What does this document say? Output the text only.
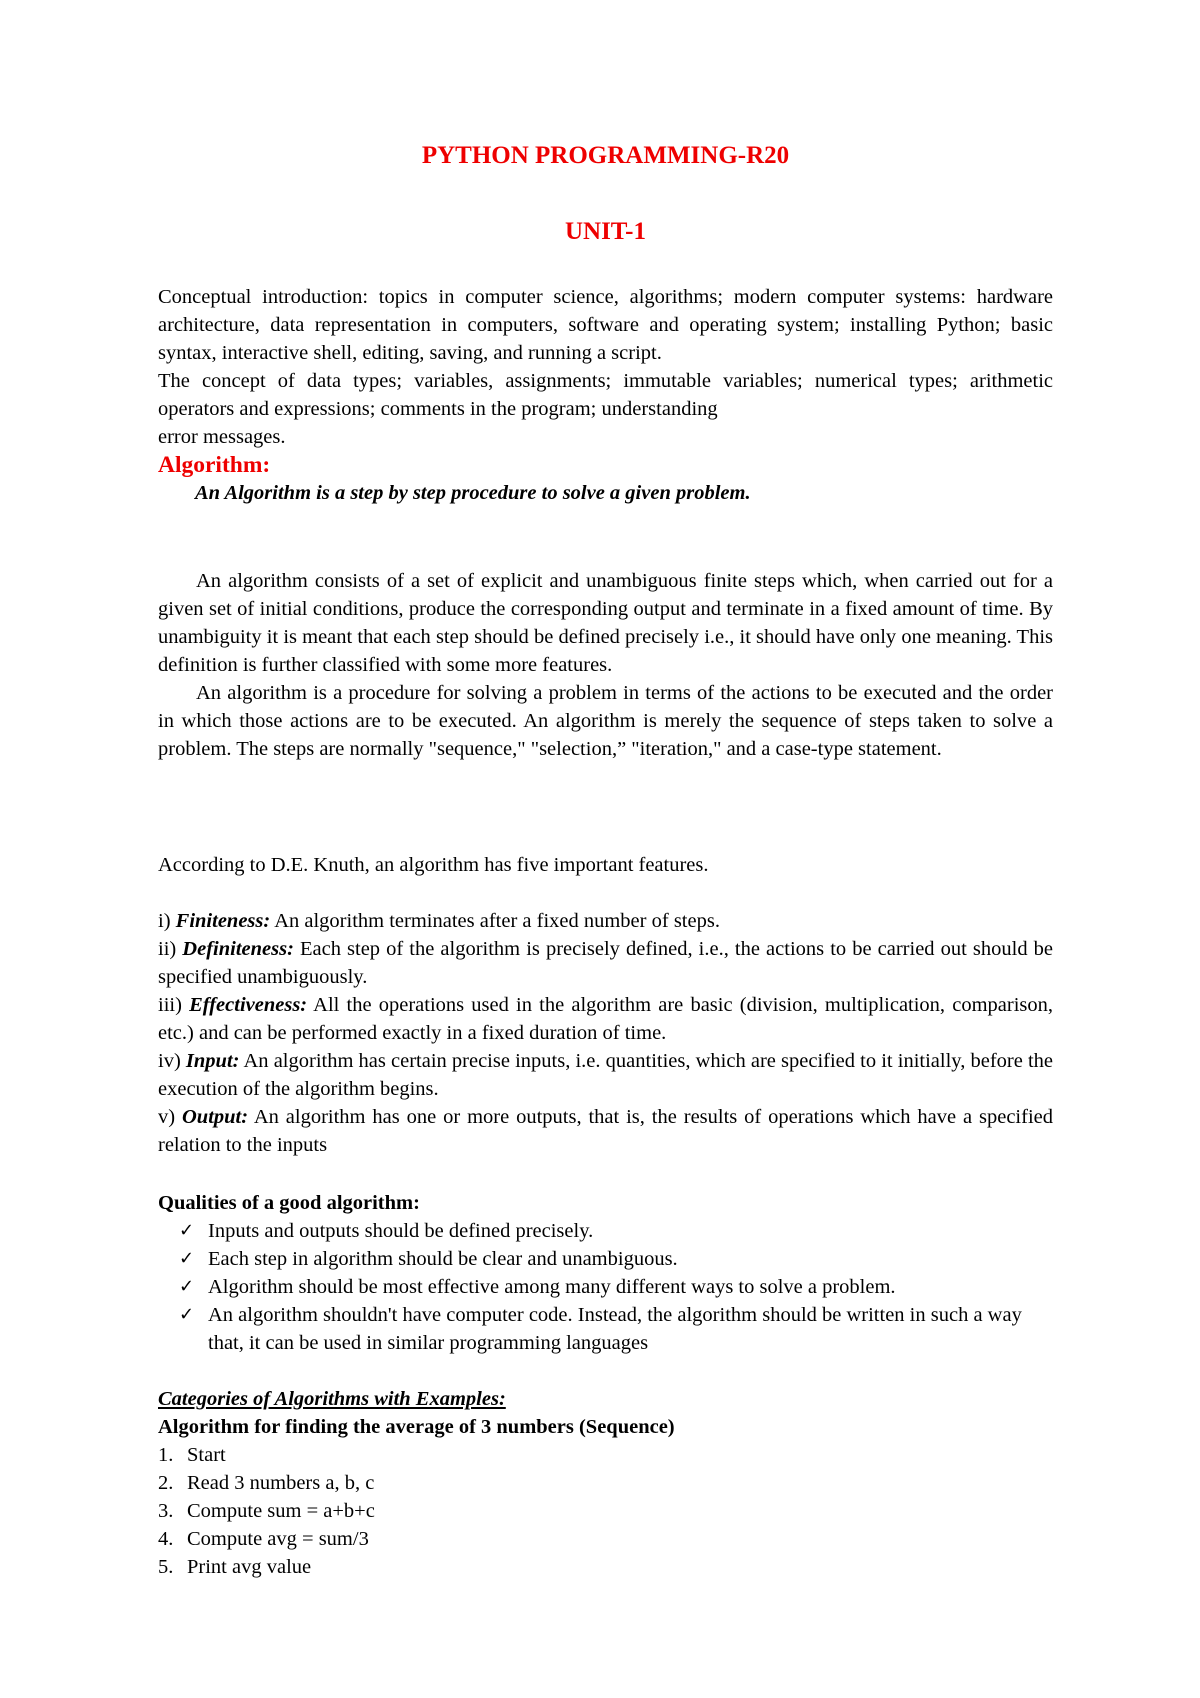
PYTHON PROGRAMMING-R20
UNIT-1

Conceptual introduction: topics in computer science, algorithms; modern computer systems: hardware architecture, data representation in computers, software and operating system; installing Python; basic syntax, interactive shell, editing, saving, and running a script.

The concept of data types; variables, assignments; immutable variables; numerical types; arithmetic operators and expressions; comments in the program; understanding
error messages.

Algorithm:

An Algorithm is a step by step procedure to solve a given problem.

An algorithm consists of a set of explicit and unambiguous finite steps which, when carried out for a given set of initial conditions, produce the corresponding output and terminate in a fixed amount of time. By unambiguity it is meant that each step should be defined precisely i.e., it should have only one meaning. This definition is further classified with some more features.

An algorithm is a procedure for solving a problem in terms of the actions to be executed and the order in which those actions are to be executed. An algorithm is merely the sequence of steps taken to solve a problem. The steps are normally "sequence," "selection,” "iteration," and a case-type statement.

According to D.E. Knuth, an algorithm has five important features.

i) Finiteness: An algorithm terminates after a fixed number of steps.

ii) Definiteness: Each step of the algorithm is precisely defined, i.e., the actions to be carried out should be specified unambiguously.

iii) Effectiveness: All the operations used in the algorithm are basic (division, multiplication, comparison, etc.) and can be performed exactly in a fixed duration of time.

iv) Input: An algorithm has certain precise inputs, i.e. quantities, which are specified to it initially, before the execution of the algorithm begins.

v) Output: An algorithm has one or more outputs, that is, the results of operations which have a specified relation to the inputs

Qualities of a good algorithm:

✓ Inputs and outputs should be defined precisely.
✓ Each step in algorithm should be clear and unambiguous.
✓ Algorithm should be most effective among many different ways to solve a problem.
✓ An algorithm shouldn't have computer code. Instead, the algorithm should be written in such a way that, it can be used in similar programming languages

Categories of Algorithms with Examples:

Algorithm for finding the average of 3 numbers (Sequence)

1. Start
2. Read 3 numbers a, b, c
3. Compute sum = a+b+c
4. Compute avg = sum/3
5. Print avg value
